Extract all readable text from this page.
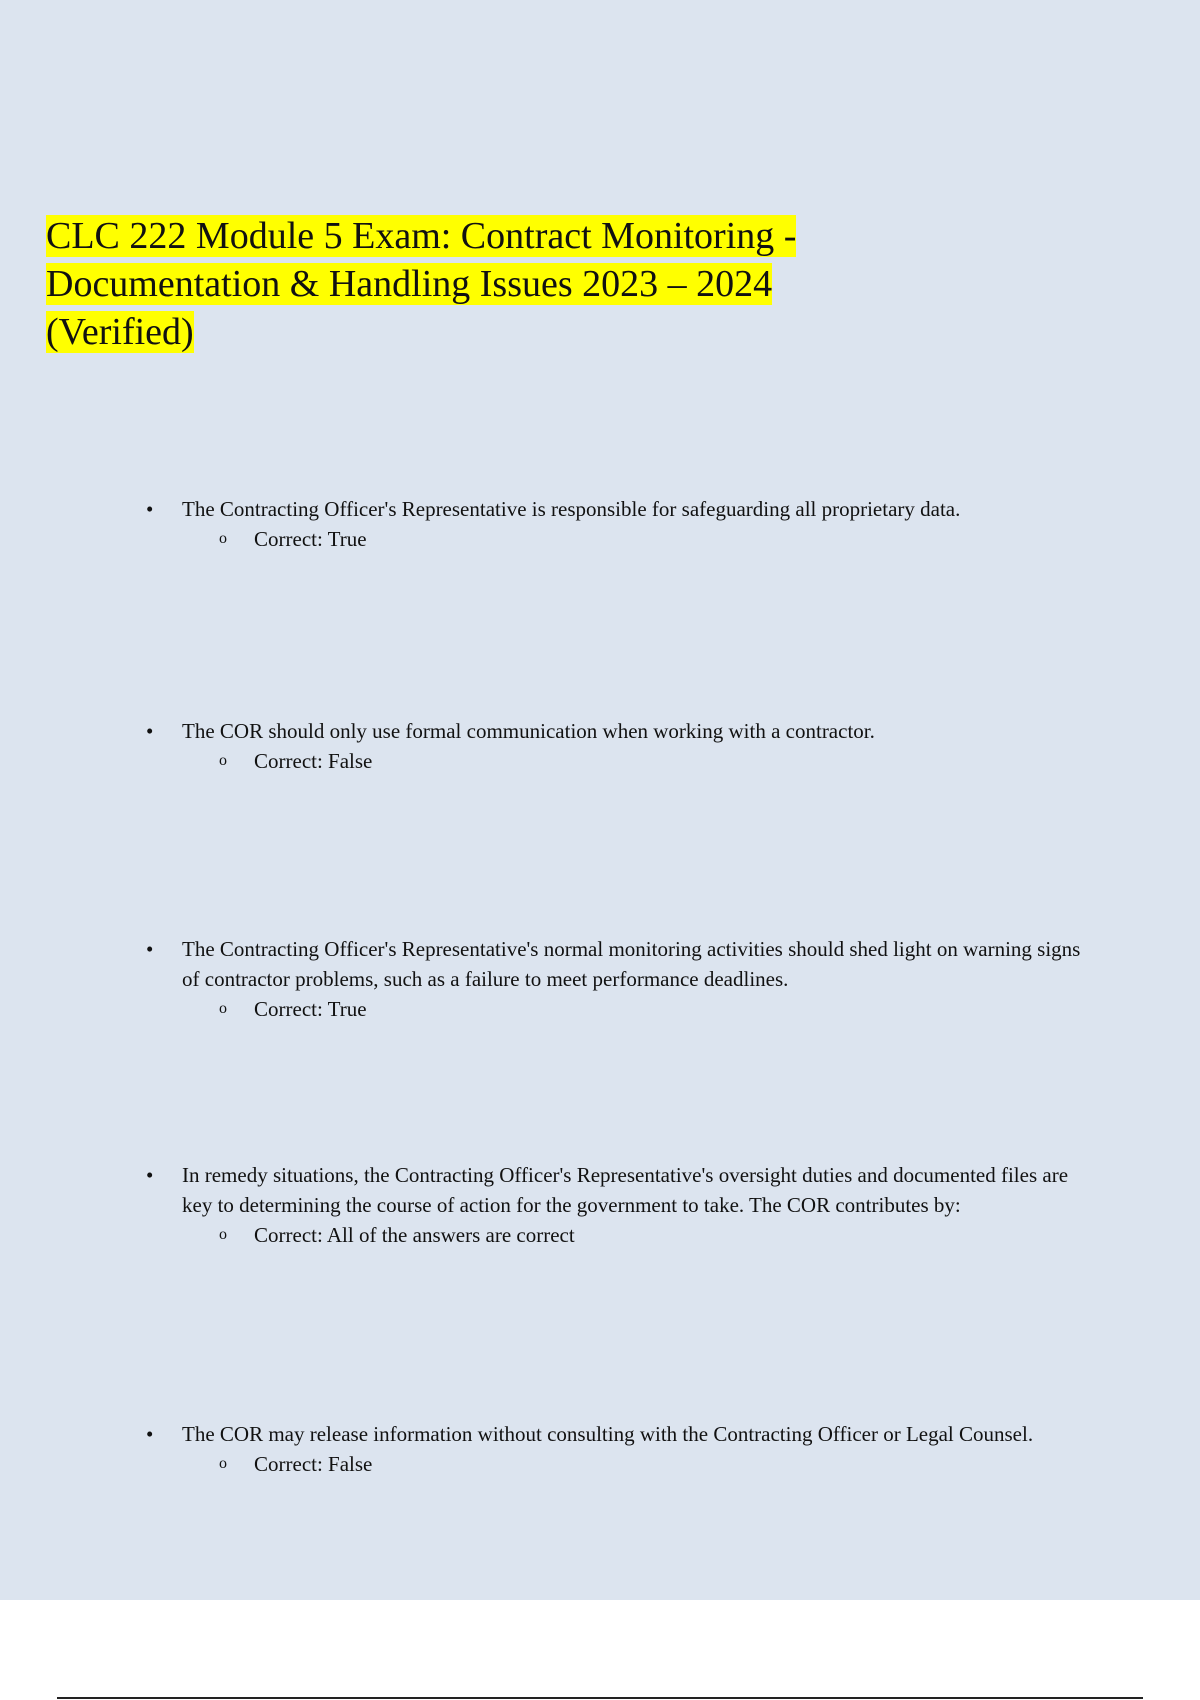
CLC 222 Module 5 Exam: Contract Monitoring - Documentation & Handling Issues 2023 – 2024 (Verified)
•	The Contracting Officer's Representative is responsible for safeguarding all proprietary data.
o Correct: True
•	The COR should only use formal communication when working with a contractor.
o Correct: False
•	The Contracting Officer's Representative's normal monitoring activities should shed light on warning signs of contractor problems, such as a failure to meet performance deadlines.
o Correct: True
•	In remedy situations, the Contracting Officer's Representative's oversight duties and documented files are key to determining the course of action for the government to take. The COR contributes by:
o Correct: All of the answers are correct
•	The COR may release information without consulting with the Contracting Officer or Legal Counsel.
o Correct: False
